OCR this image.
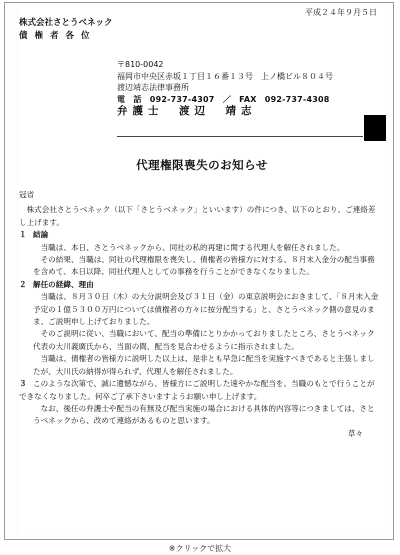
平成２４年９月５日
株式会社さとうベネック
債権者各位
〒810-0042
福岡市中央区赤坂１丁目１６番１３号　上ノ橋ビル８０４号
渡辺靖志法律事務所
電　話　092-737-4307　／　FAX　092-737-4308
弁護士　渡辺　靖志
代理権限喪失のお知らせ

冠省

株式会社さとうベネック（以下「さとうベネック」といいます）の件につき、以下のとおり、ご連絡差し上げます。

１ 結論

当職は、本日、さとうベネックから、同社の私的再建に関する代理人を解任されました。

その結果、当職は、同社の代理権限を喪失し、債権者の皆様方に対する、８月末入金分の配当事務を含めて、本日以降、同社代理人としての事務を行うことができなくなりました。

２ 解任の経緯、理由

当職は、８月３０日（木）の大分説明会及び３１日（金）の東京説明会におきまして、「８月末入金予定の１億５３００万円については債権者の方々に按分配当する」と、さとうベネック側の意見のまま、ご説明申し上げておりました。

そのご説明に従い、当職において、配当の準備にとりかかっておりましたところ、さとうベネック代表の大川義廣氏から、当面の間、配当を見合わせるように指示されました。

当職は、債権者の皆様方に説明した以上は、是非とも早急に配当を実施すべきであると主張しましたが、大川氏の納得が得られず、代理人を解任されました。

３ このような次第で、誠に遺憾ながら、皆様方にご説明した速やかな配当を、当職のもとで行うことができなくなりました。何卒ご了承下さいますようお願い申し上げます。

なお、後任の弁護士や配当の有無及び配当実施の場合における具体的内容等につきましては、さとうベネックから、改めて連絡があるものと思います。

草々

※クリックで拡大
